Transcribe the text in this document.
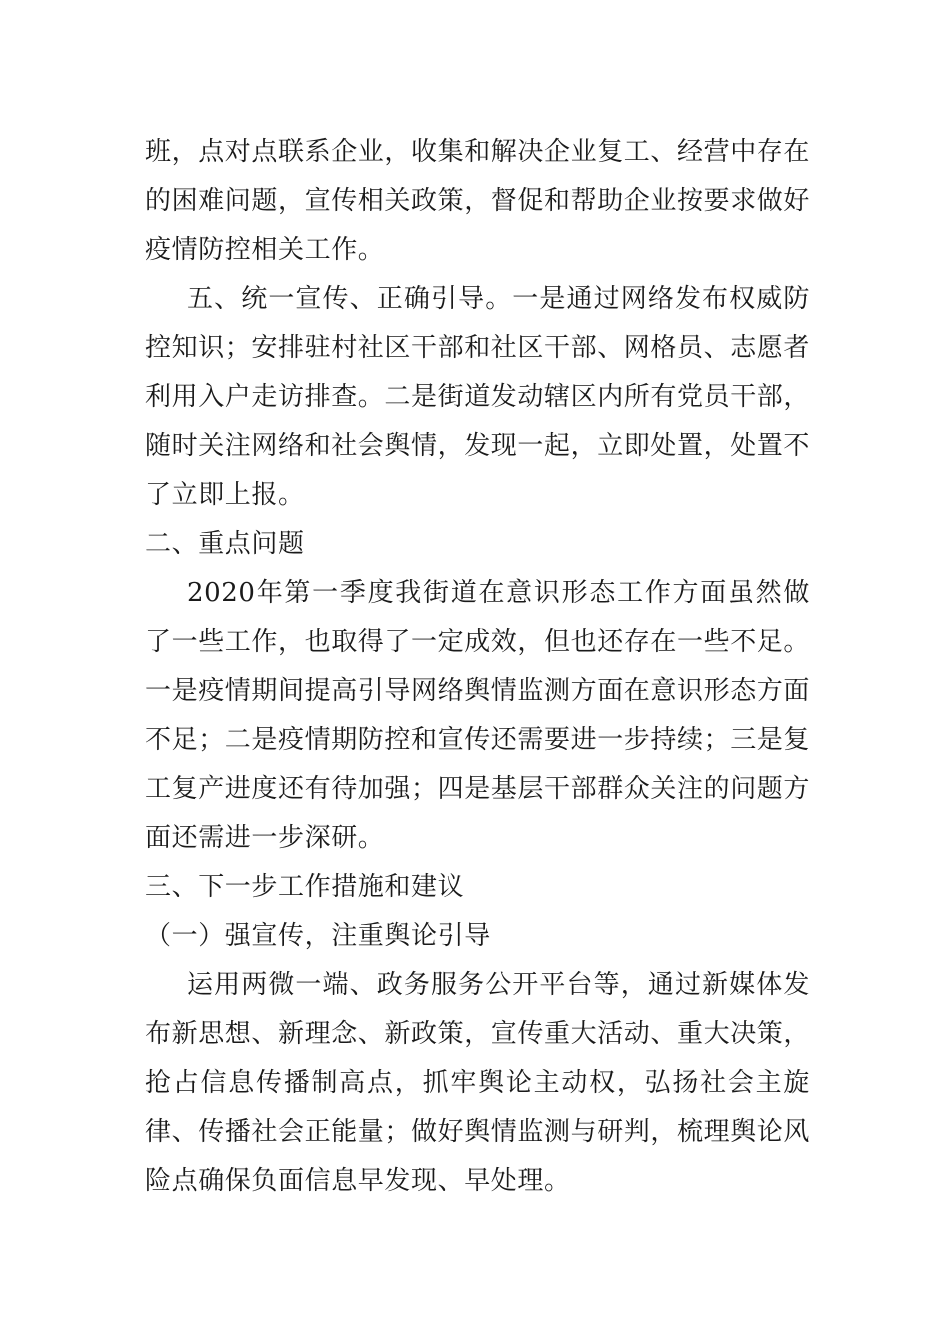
班，点对点联系企业，收集和解决企业复工、经营中存在的困难问题，宣传相关政策，督促和帮助企业按要求做好疫情防控相关工作。

五、统一宣传、正确引导。一是通过网络发布权威防控知识；安排驻村社区干部和社区干部、网格员、志愿者利用入户走访排查。二是街道发动辖区内所有党员干部，随时关注网络和社会舆情，发现一起，立即处置，处置不了立即上报。

二、重点问题

2020年第一季度我街道在意识形态工作方面虽然做了一些工作，也取得了一定成效，但也还存在一些不足。一是疫情期间提高引导网络舆情监测方面在意识形态方面不足；二是疫情期防控和宣传还需要进一步持续；三是复工复产进度还有待加强；四是基层干部群众关注的问题方面还需进一步深研。

三、下一步工作措施和建议

（一）强宣传，注重舆论引导

运用两微一端、政务服务公开平台等，通过新媒体发布新思想、新理念、新政策，宣传重大活动、重大决策，抢占信息传播制高点，抓牢舆论主动权，弘扬社会主旋律、传播社会正能量；做好舆情监测与研判，梳理舆论风险点确保负面信息早发现、早处理。
